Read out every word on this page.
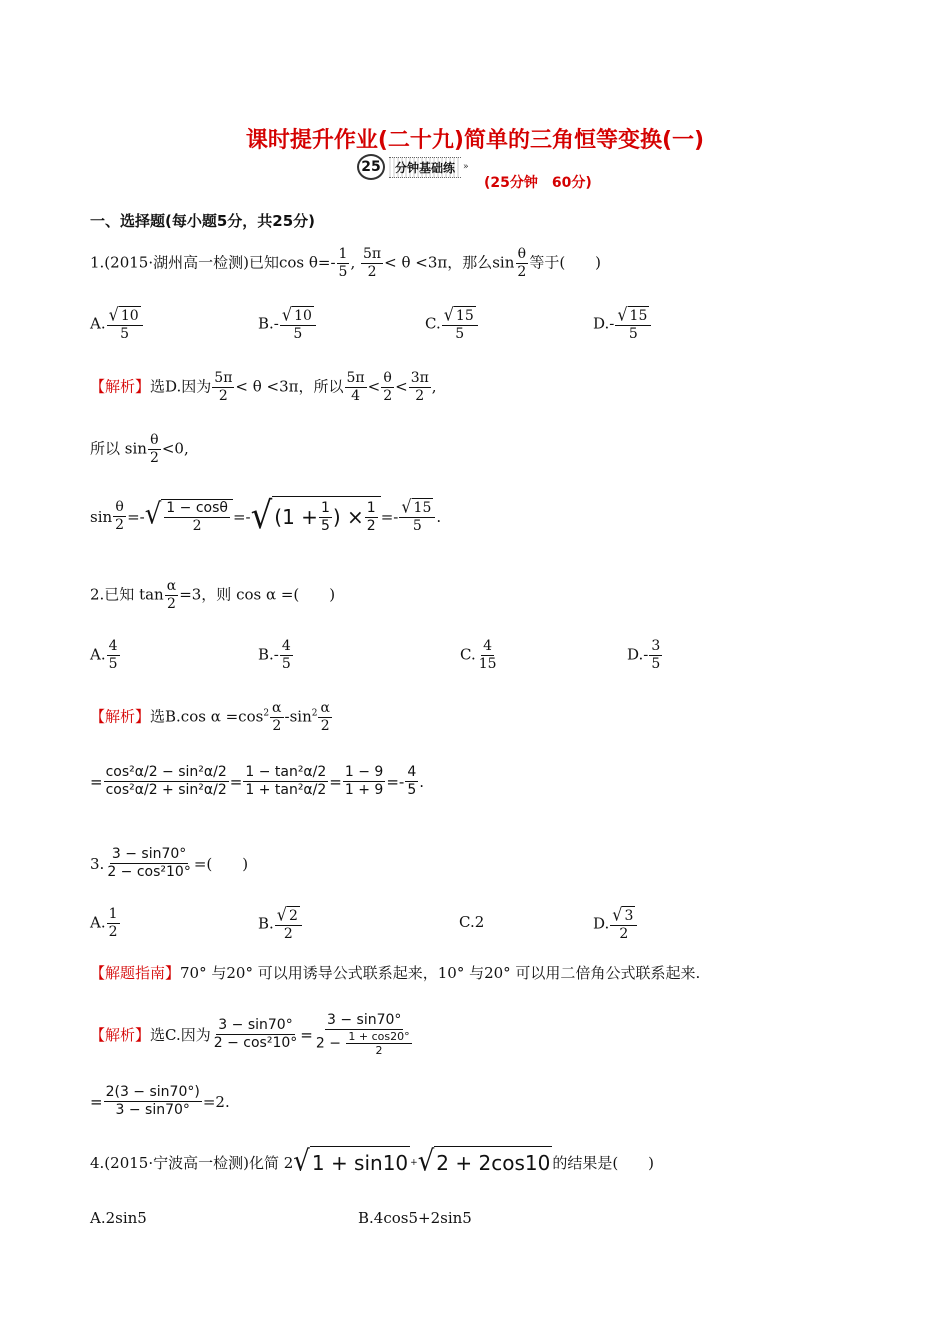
课时提升作业(二十九)简单的三角恒等变换(一)
25	分钟基础练 »
(25分钟　60分)
一、选择题(每小题5分，共25分)
1.(2015·湖州高一检测)已知$\cos \theta=- \frac{1}{5}$ , $\frac{5\pi}{2} < \theta <3\pi$，那么$\sin \frac{\theta}{2}$ 等于(　　)
A. $\frac{√ 10}{5}$	$B.- \frac{√ 10}{5}$	C. $\frac{√ 15}{5}$	$D.- \frac{√ 15}{5}$
【解析】选D.因为 $\frac{5\pi}{2} < \theta <3\pi$，所以 $\frac{5\pi}{4} < \frac{\theta}{2} < \frac{3\pi}{2}$ ,
所以 $\sin \frac{\theta}{2} <0$,
$\sin \frac{\theta}{2}$ =- √ $\frac{1 - \cos\theta}{2}$ =- √ ($1 + \frac{1}{5}$ ) × $\frac{1}{2} =- \frac{√ 15}{5}$ .
2.已知 $\tan \frac{\alpha}{2} =3$，则 cos α =(　　)
A. $\frac{4}{5}$	$B.- \frac{4}{5}$	C. $\frac{4}{15}$	$D.- \frac{3}{5}$
【解析】选B.cos $\alpha =\cos^2 \frac{\alpha}{2} -\sin^2 \frac{\alpha}{2}$
= $\frac{\text{cos²α/2 − sin²α/2}}{\text{cos²α/2 + sin²α/2}} = \frac{\text{1 − tan²α/2}}{\text{1 + tan²α/2}} = \frac{1 - 9}{1 + 9} =- \frac{4}{5}$ .
3. $\frac{3 - \sin 70^\circ}{\text{2 − cos²10°}}$ =(　　)
A. $\frac{1}{2}$	B. $\frac{√ 2}{2}$	C.2	D. $\frac{√ 3}{2}$
【解题指南】70° 与20° 可以用诱导公式联系起来，10° 与20° 可以用二倍角公式联系起来.
【解析】 选C.因为 $\frac{3 - \sin 70^\circ}{\text{2 − cos²10°}} = \frac{3 - \sin 70^\circ}{2 - \frac{1 + \cos 20^\circ}{2}}$
= $\frac{2(3 - \sin 70^\circ)}{3 - \sin 70^\circ} =2$.
4.(2015·宁波高一检测)化简 2 √ 1 + sin10 + √ 2 + 2cos10 的结果是(　　)
A.2sin5	B.4cos5+2sin5
